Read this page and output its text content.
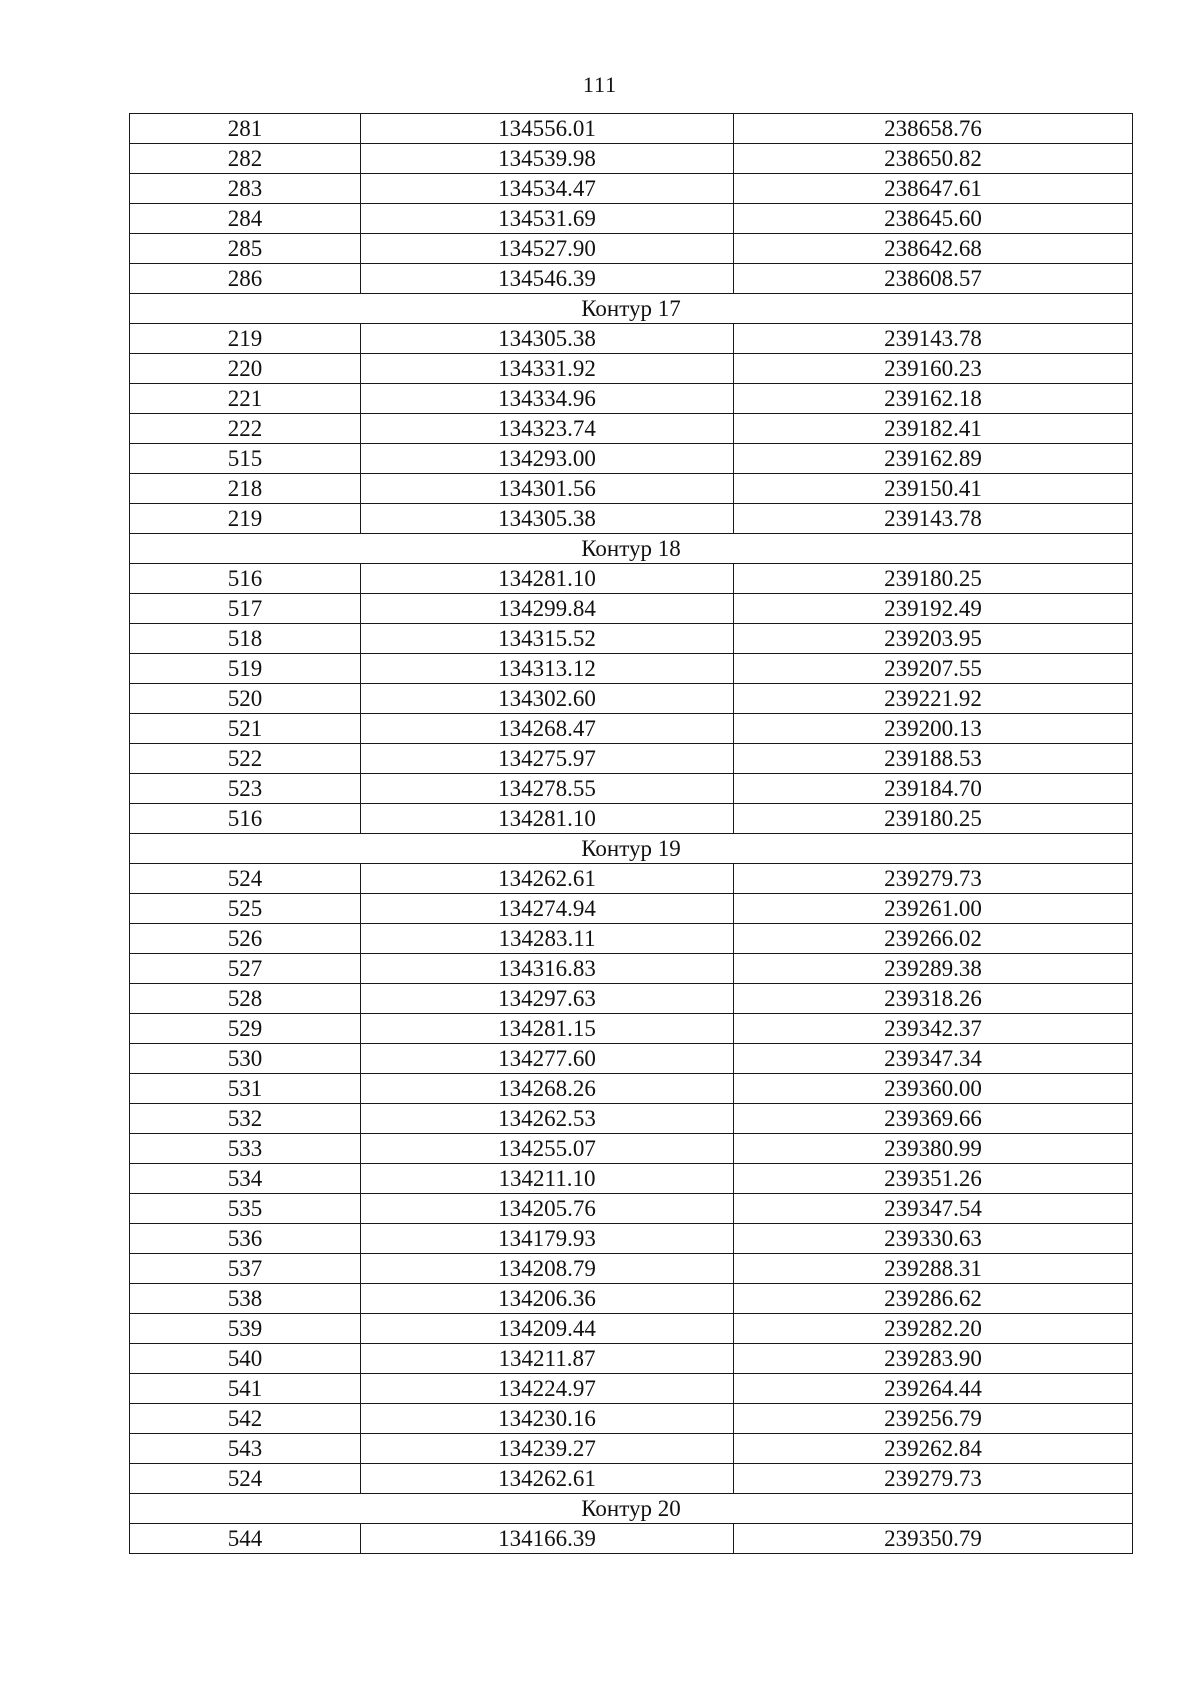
111
281	134556.01	238658.76
282	134539.98	238650.82
283	134534.47	238647.61
284	134531.69	238645.60
285	134527.90	238642.68
286	134546.39	238608.57
Контур 17		
219	134305.38	239143.78
220	134331.92	239160.23
221	134334.96	239162.18
222	134323.74	239182.41
515	134293.00	239162.89
218	134301.56	239150.41
219	134305.38	239143.78
Контур 18		
516	134281.10	239180.25
517	134299.84	239192.49
518	134315.52	239203.95
519	134313.12	239207.55
520	134302.60	239221.92
521	134268.47	239200.13
522	134275.97	239188.53
523	134278.55	239184.70
516	134281.10	239180.25
Контур 19		
524	134262.61	239279.73
525	134274.94	239261.00
526	134283.11	239266.02
527	134316.83	239289.38
528	134297.63	239318.26
529	134281.15	239342.37
530	134277.60	239347.34
531	134268.26	239360.00
532	134262.53	239369.66
533	134255.07	239380.99
534	134211.10	239351.26
535	134205.76	239347.54
536	134179.93	239330.63
537	134208.79	239288.31
538	134206.36	239286.62
539	134209.44	239282.20
540	134211.87	239283.90
541	134224.97	239264.44
542	134230.16	239256.79
543	134239.27	239262.84
524	134262.61	239279.73
Контур 20		
544	134166.39	239350.79
